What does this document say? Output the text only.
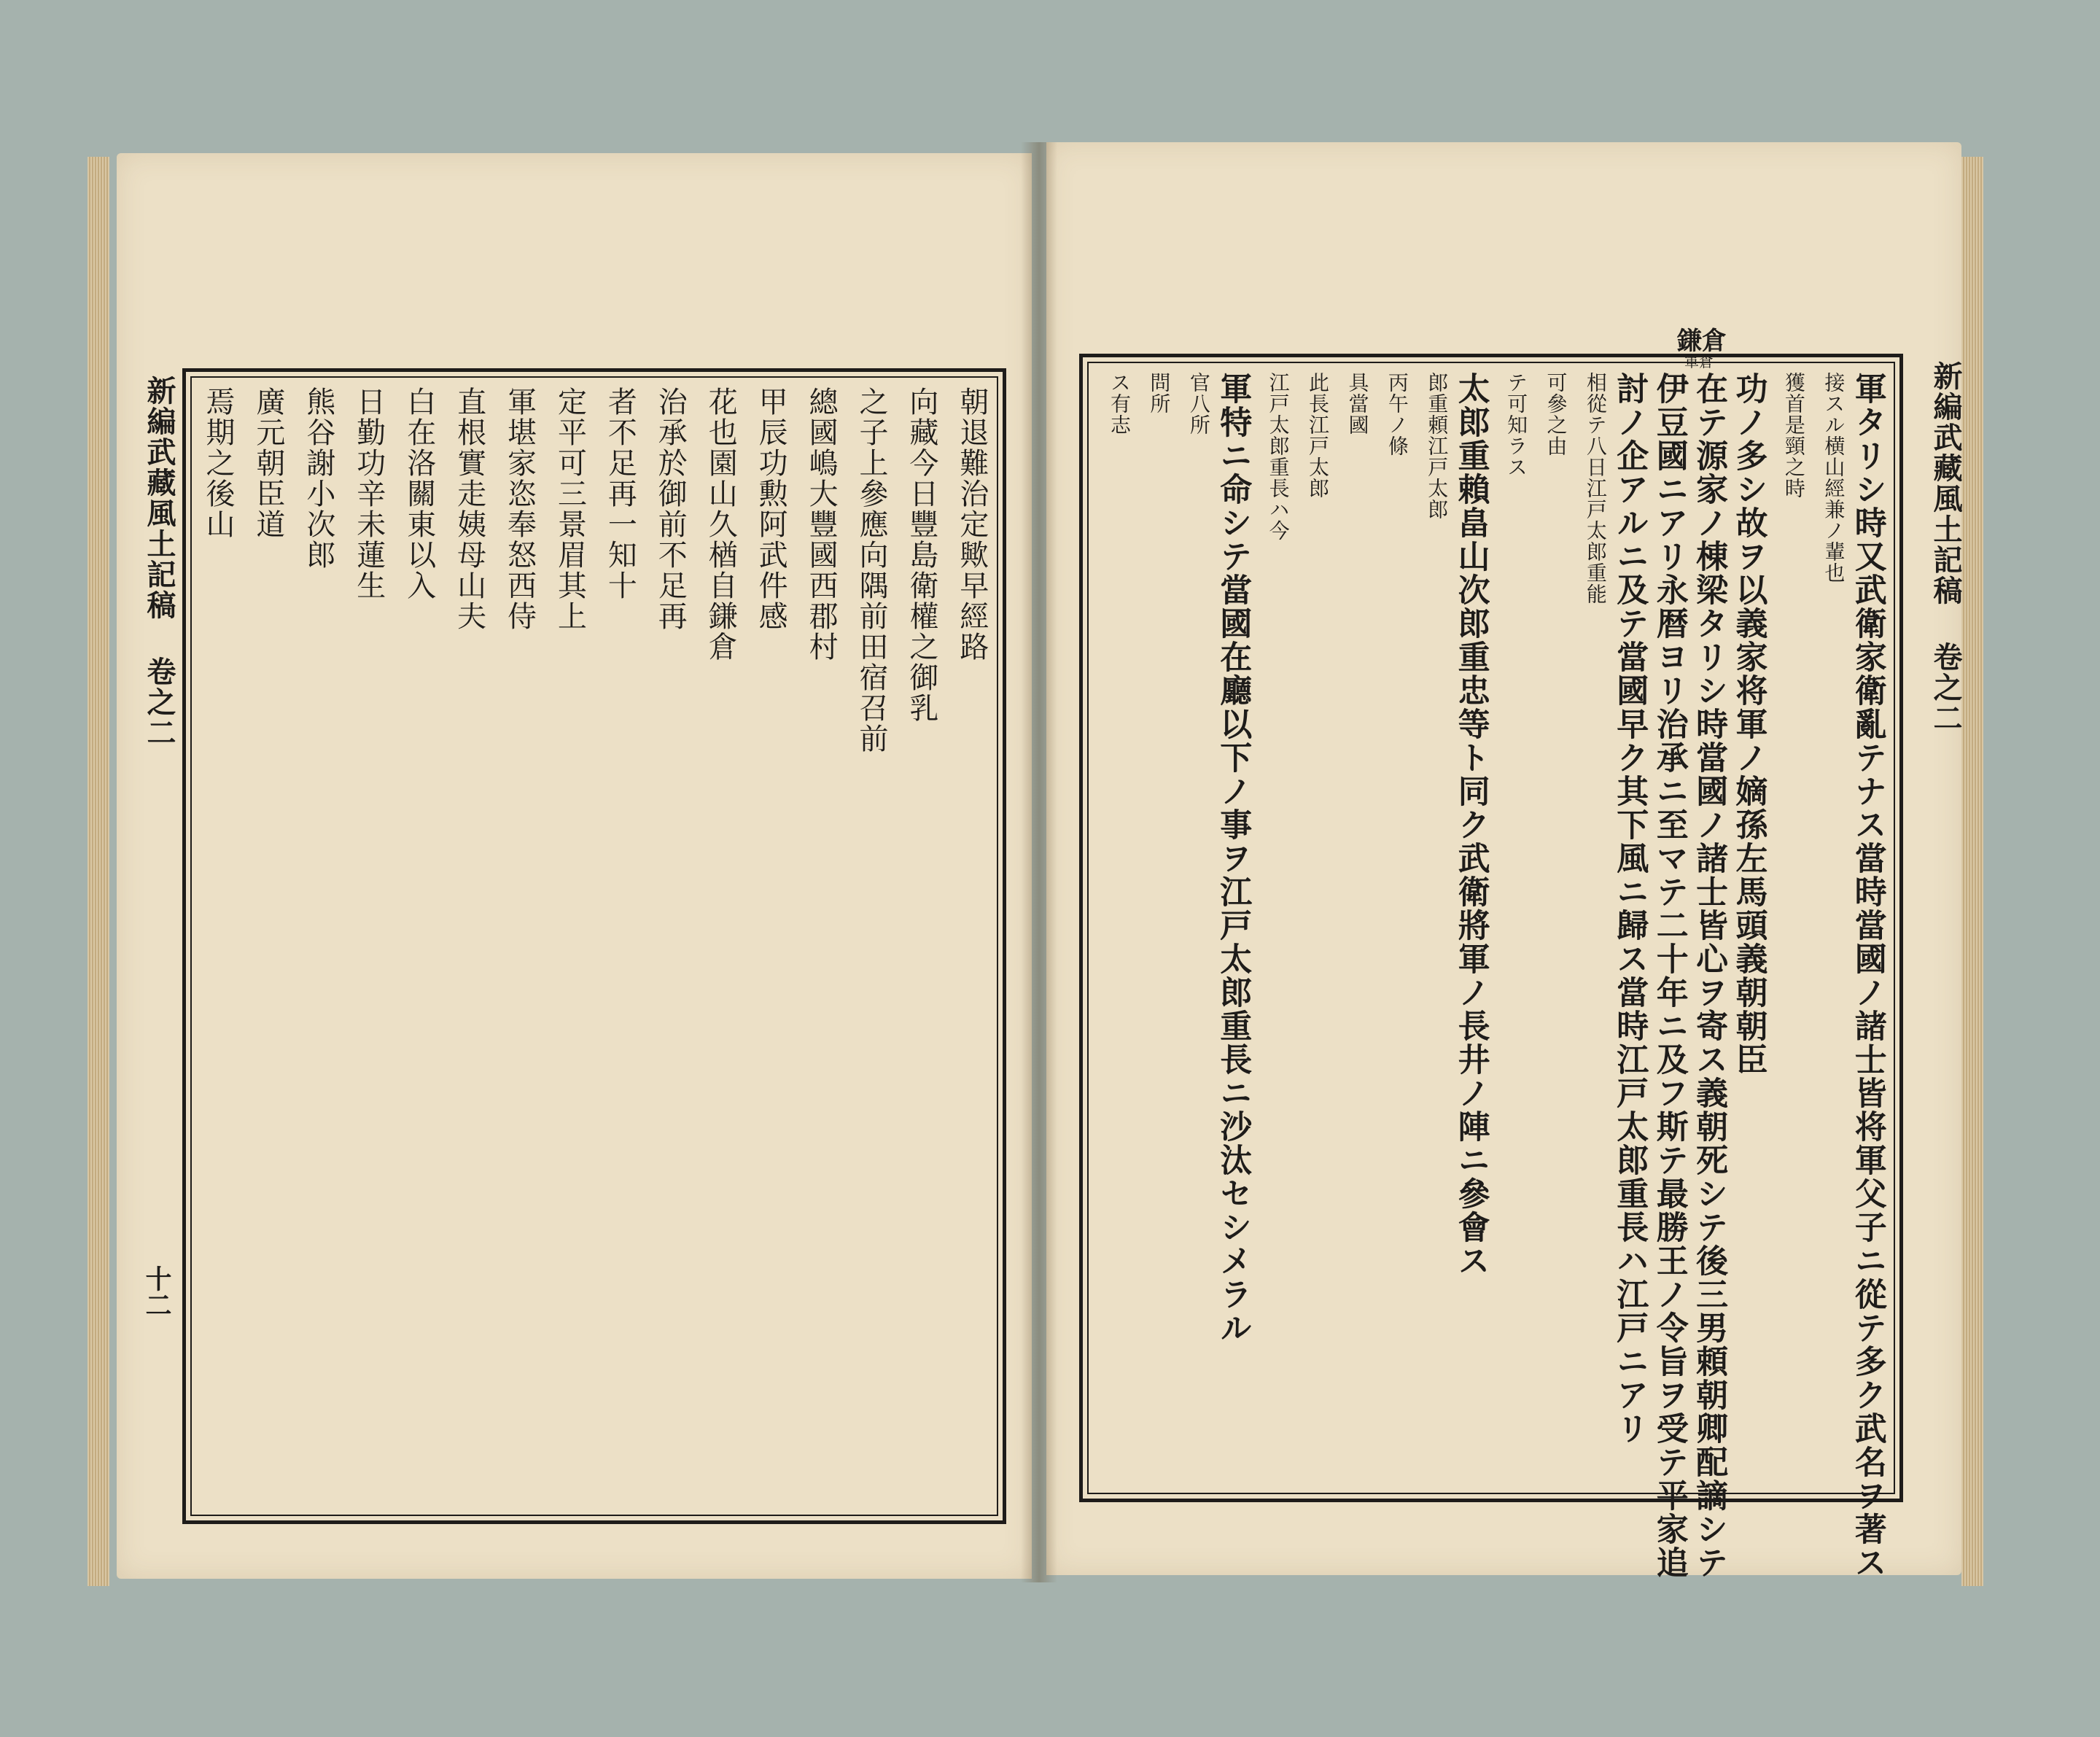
新編武藏風土記稿 卷之二
十二
朝退難治定歟早經路
向藏今日豐島衛權之御乳
之子上參應向隅前田宿召前
總國嶋大豐國西郡村
甲辰功勲阿武件感
花也園山久楢自鎌倉
治承於御前不足再
者不足再一知十
定平可三景眉其上
軍堪家恣奉怒西侍
直根實走姨母山夫
白在洛關東以入
日勤功辛未蓮生
熊谷謝小次郎
廣元朝臣道
焉期之後山
鎌倉
軍倉	新編武藏風土記稿 卷之二
軍タリシ時又武衛家衛亂テナス當時當國ノ諸士皆将軍父子ニ從テ多ク武名ヲ著ス
接スル横山經兼ノ輩也
獲首是頸之時
功ノ多シ故ヲ以義家将軍ノ嫡孫左馬頭義朝朝臣
在テ源家ノ棟梁タリシ時當國ノ諸士皆心ヲ寄ス義朝死シテ後三男頼朝卿配謫シテ
伊豆國ニアリ永暦ヨリ治承ニ至マテ二十年ニ及フ斯テ最勝王ノ令旨ヲ受テ平家追
討ノ企アルニ及テ當國早ク其下風ニ歸ス當時江戸太郎重長ハ江戸ニアリ
相從テ八日江戸太郎重能
可參之由
テ可知ラス
太郎重賴畠山次郎重忠等ト同ク武衛將軍ノ長井ノ陣ニ參會ス
郎重頼江戸太郎
丙午ノ條
具當國
此長江戸太郎
江戸太郎重長ハ今
軍特ニ命シテ當國在廳以下ノ事ヲ江戸太郎重長ニ沙汰セシメラル
官八所
問所
ス有志
